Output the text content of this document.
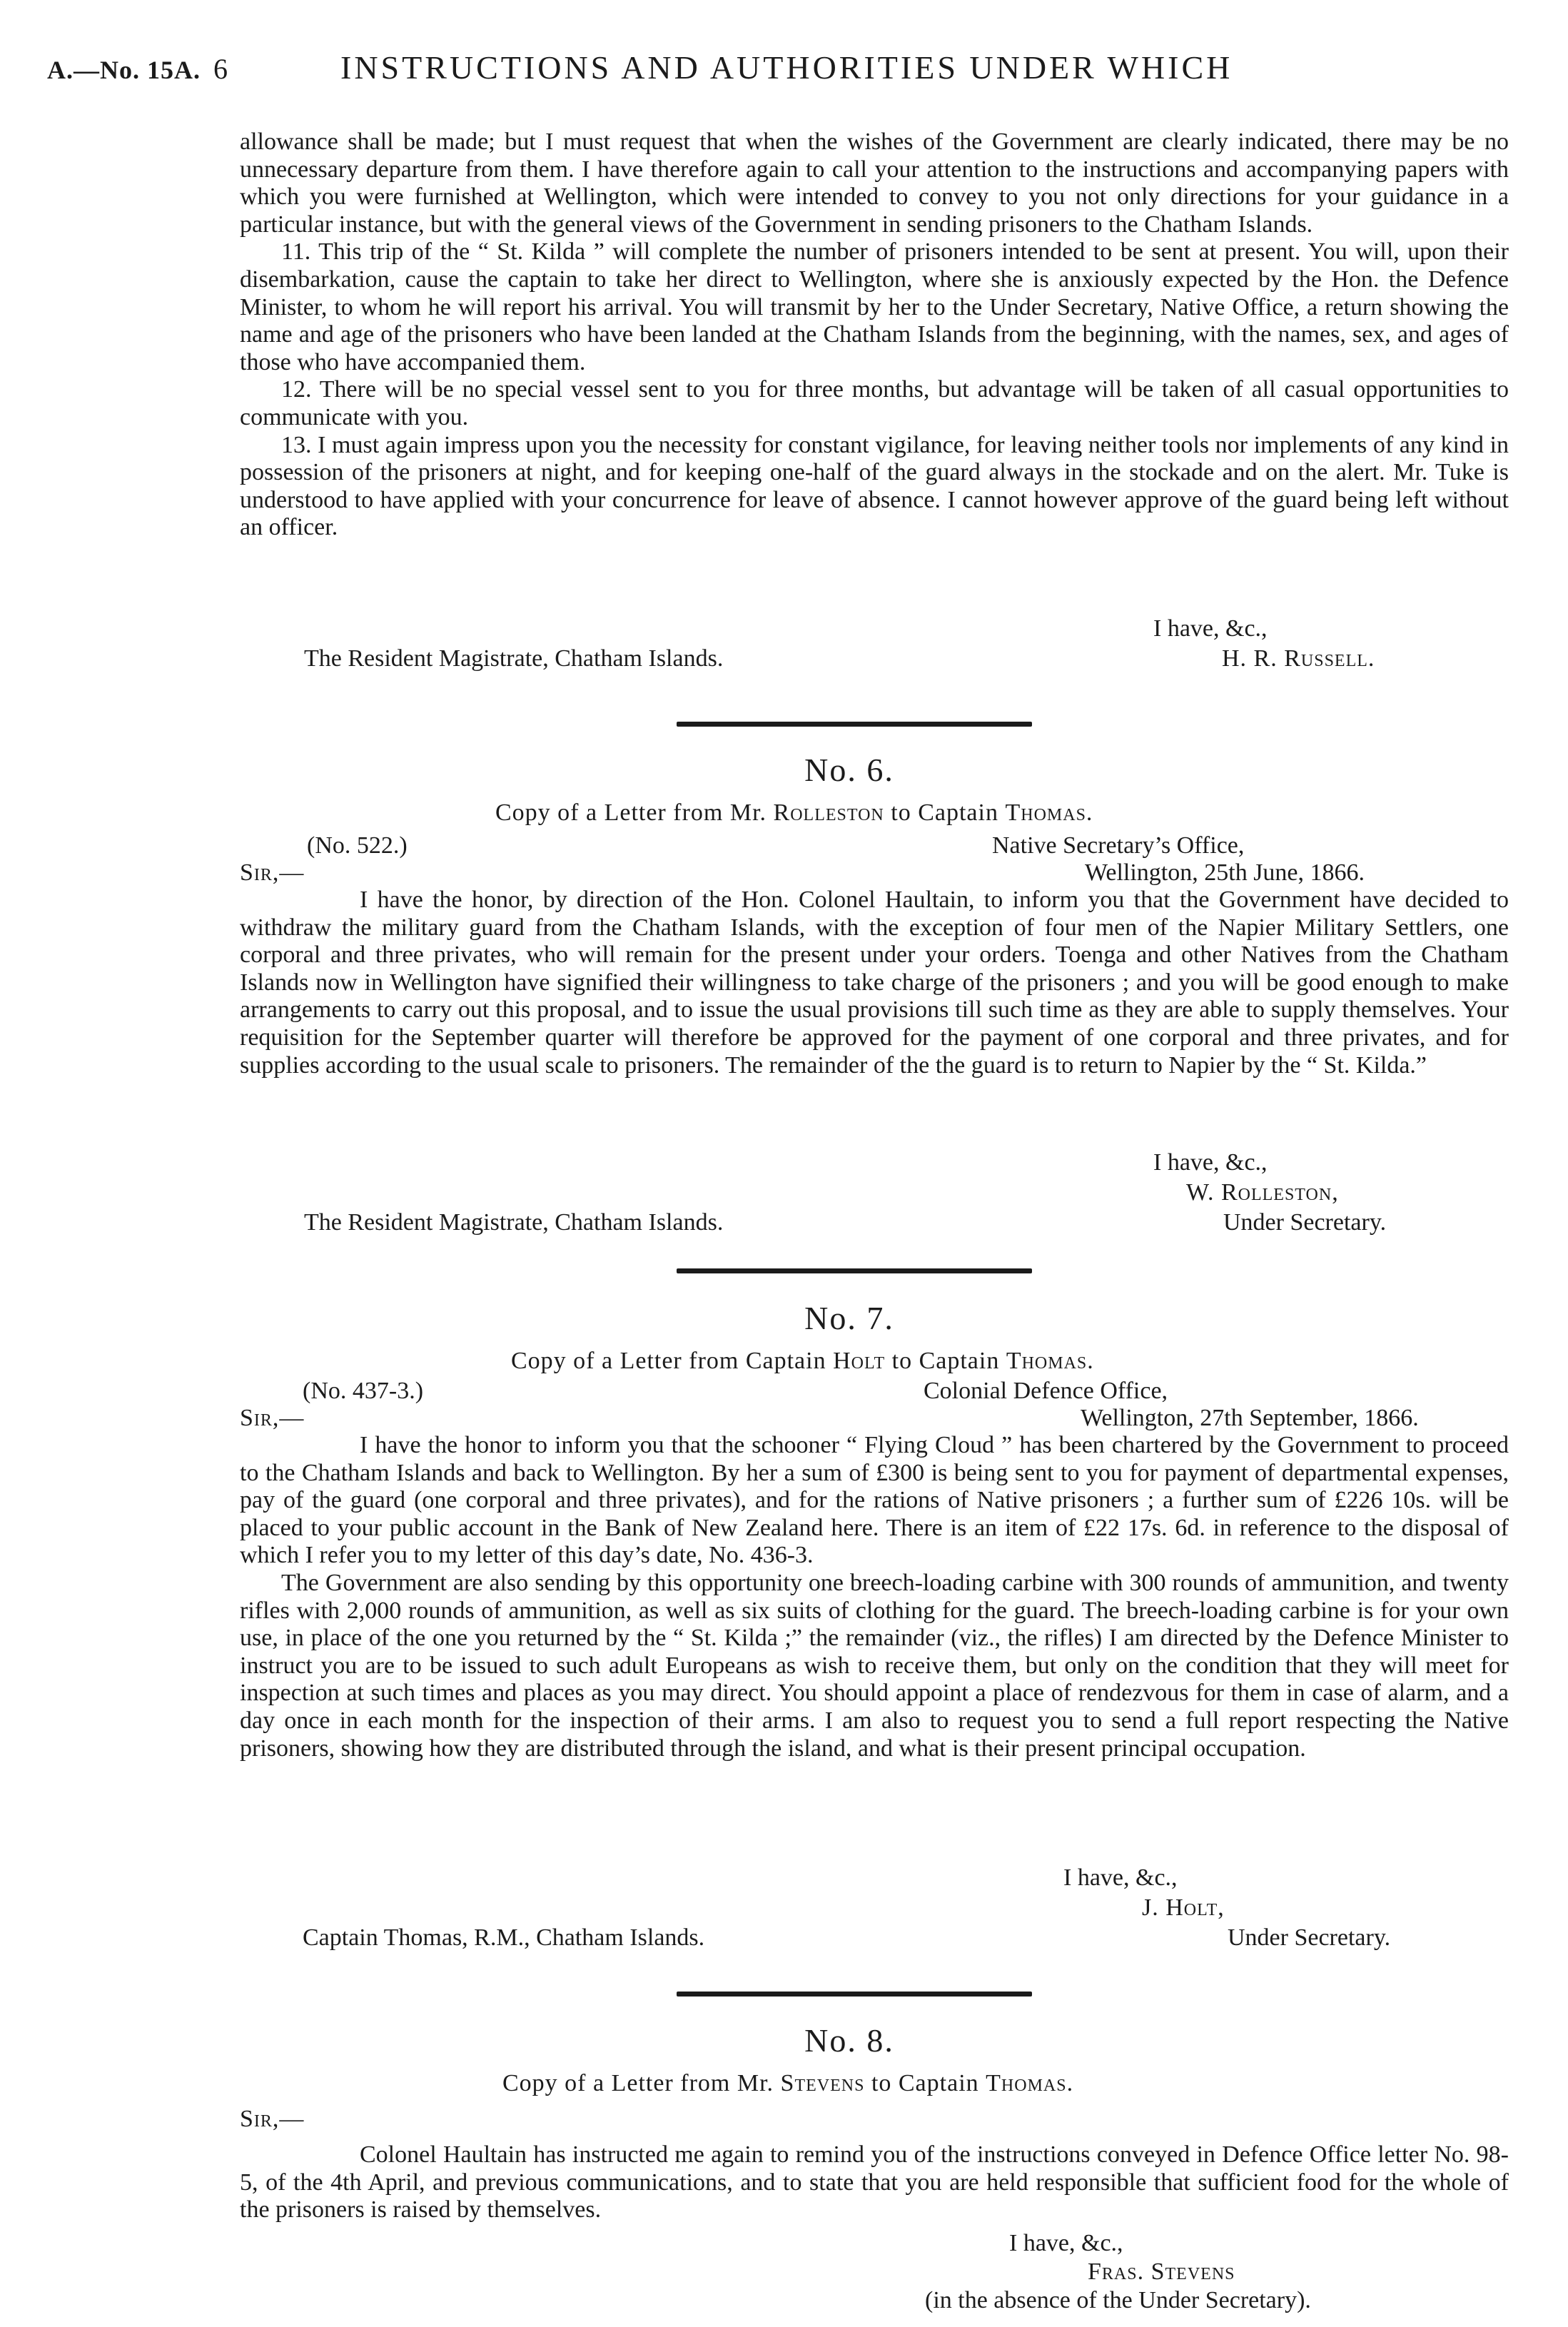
A.—No. 15A. 6	INSTRUCTIONS AND AUTHORITIES UNDER WHICH

allowance shall be made; but I must request that when the wishes of the Government are clearly indicated, there may be no unnecessary departure from them. I have therefore again to call your attention to the instructions and accompanying papers with which you were furnished at Wellington, which were intended to convey to you not only directions for your guidance in a particular instance, but with the general views of the Government in sending prisoners to the Chatham Islands.

11. This trip of the “ St. Kilda ” will complete the number of prisoners intended to be sent at present. You will, upon their disembarkation, cause the captain to take her direct to Wellington, where she is anxiously expected by the Hon. the Defence Minister, to whom he will report his arrival. You will transmit by her to the Under Secretary, Native Office, a return showing the name and age of the prisoners who have been landed at the Chatham Islands from the beginning, with the names, sex, and ages of those who have accompanied them.

12. There will be no special vessel sent to you for three months, but advantage will be taken of all casual opportunities to communicate with you.

13. I must again impress upon you the necessity for constant vigilance, for leaving neither tools nor implements of any kind in possession of the prisoners at night, and for keeping one-half of the guard always in the stockade and on the alert. Mr. Tuke is understood to have applied with your concurrence for leave of absence. I cannot however approve of the guard being left without an officer.

I have, &c.,
The Resident Magistrate, Chatham Islands.	H. R. Russell.
No. 6.
Copy of a Letter from Mr. Rolleston to Captain Thomas.
(No. 522.)	Native Secretary’s Office,
Sir,—	Wellington, 25th June, 1866.

I have the honor, by direction of the Hon. Colonel Haultain, to inform you that the Government have decided to withdraw the military guard from the Chatham Islands, with the exception of four men of the Napier Military Settlers, one corporal and three privates, who will remain for the present under your orders. Toenga and other Natives from the Chatham Islands now in Wellington have signified their willingness to take charge of the prisoners ; and you will be good enough to make arrangements to carry out this proposal, and to issue the usual provisions till such time as they are able to supply themselves. Your requisition for the September quarter will therefore be approved for the payment of one corporal and three privates, and for supplies according to the usual scale to prisoners. The remainder of the the guard is to return to Napier by the “ St. Kilda.”

I have, &c.,
W. Rolleston,
The Resident Magistrate, Chatham Islands.	Under Secretary.
No. 7.
Copy of a Letter from Captain Holt to Captain Thomas.
(No. 437-3.)	Colonial Defence Office,
Sir,—	Wellington, 27th September, 1866.

I have the honor to inform you that the schooner “ Flying Cloud ” has been chartered by the Government to proceed to the Chatham Islands and back to Wellington. By her a sum of £300 is being sent to you for payment of departmental expenses, pay of the guard (one corporal and three privates), and for the rations of Native prisoners ; a further sum of £226 10s. will be placed to your public account in the Bank of New Zealand here. There is an item of £22 17s. 6d. in reference to the disposal of which I refer you to my letter of this day’s date, No. 436-3.

The Government are also sending by this opportunity one breech-loading carbine with 300 rounds of ammunition, and twenty rifles with 2,000 rounds of ammunition, as well as six suits of clothing for the guard. The breech-loading carbine is for your own use, in place of the one you returned by the “ St. Kilda ;” the remainder (viz., the rifles) I am directed by the Defence Minister to instruct you are to be issued to such adult Europeans as wish to receive them, but only on the condition that they will meet for inspection at such times and places as you may direct. You should appoint a place of rendezvous for them in case of alarm, and a day once in each month for the inspection of their arms. I am also to request you to send a full report respecting the Native prisoners, showing how they are distributed through the island, and what is their present principal occupation.

I have, &c.,
J. Holt,
Captain Thomas, R.M., Chatham Islands.	Under Secretary.
No. 8.
Copy of a Letter from Mr. Stevens to Captain Thomas.
Sir,—

Colonel Haultain has instructed me again to remind you of the instructions conveyed in Defence Office letter No. 98-5, of the 4th April, and previous communications, and to state that you are held responsible that sufficient food for the whole of the prisoners is raised by themselves.

I have, &c.,
Fras. Stevens
(in the absence of the Under Secretary).
